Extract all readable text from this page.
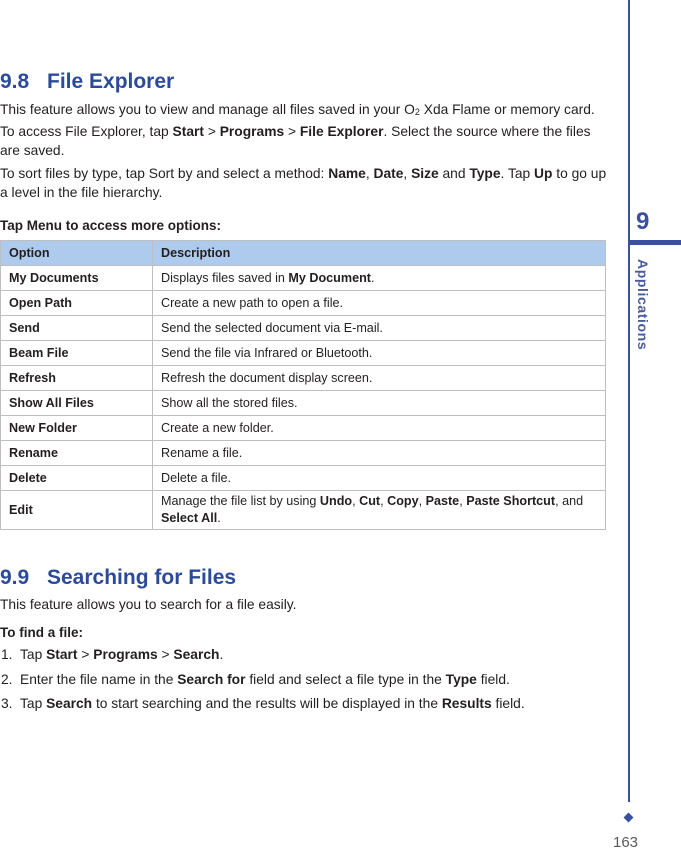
9.8 File Explorer

This feature allows you to view and manage all files saved in your O2 Xda Flame or memory card. To access File Explorer, tap Start > Programs > File Explorer. Select the source where the files are saved.

To sort files by type, tap Sort by and select a method: Name, Date, Size and Type. Tap Up to go up a level in the file hierarchy.

Tap Menu to access more options:

Option	Description
My Documents	Displays files saved in My Document.
Open Path	Create a new path to open a file.
Send	Send the selected document via E-mail.
Beam File	Send the file via Infrared or Bluetooth.
Refresh	Refresh the document display screen.
Show All Files	Show all the stored files.
New Folder	Create a new folder.
Rename	Rename a file.
Delete	Delete a file.
Edit	Manage the file list by using Undo, Cut, Copy, Paste, Paste Shortcut, and Select All.
9.9 Searching for Files

This feature allows you to search for a file easily.

To find a file:

1. Tap Start > Programs > Search.
2. Enter the file name in the Search for field and select a file type in the Type field.
3. Tap Search to start searching and the results will be displayed in the Results field.
9
Applications
163
